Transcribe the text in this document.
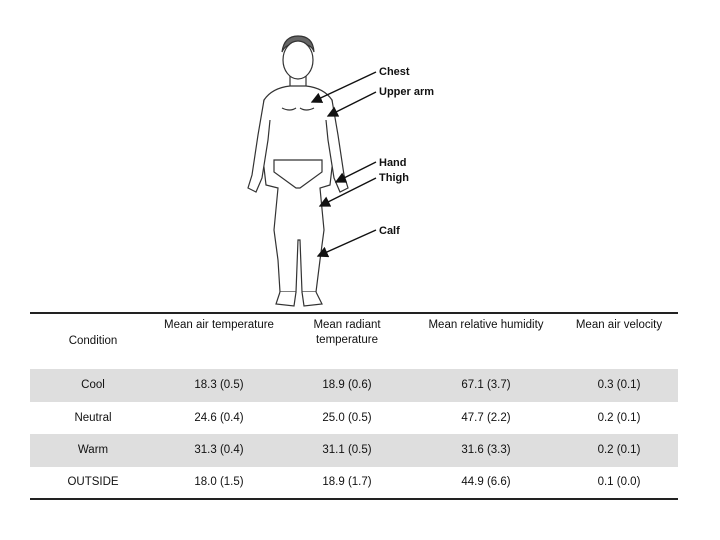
Chest
Upper arm
Hand
Thigh
Calf
Condition	Mean air temperature	Mean radiant temperature	Mean relative humidity	Mean air velocity
Cool	18.3 (0.5)	18.9 (0.6)	67.1 (3.7)	0.3 (0.1)
Neutral	24.6 (0.4)	25.0 (0.5)	47.7 (2.2)	0.2 (0.1)
Warm	31.3 (0.4)	31.1 (0.5)	31.6 (3.3)	0.2 (0.1)
OUTSIDE	18.0 (1.5)	18.9 (1.7)	44.9 (6.6)	0.1 (0.0)
